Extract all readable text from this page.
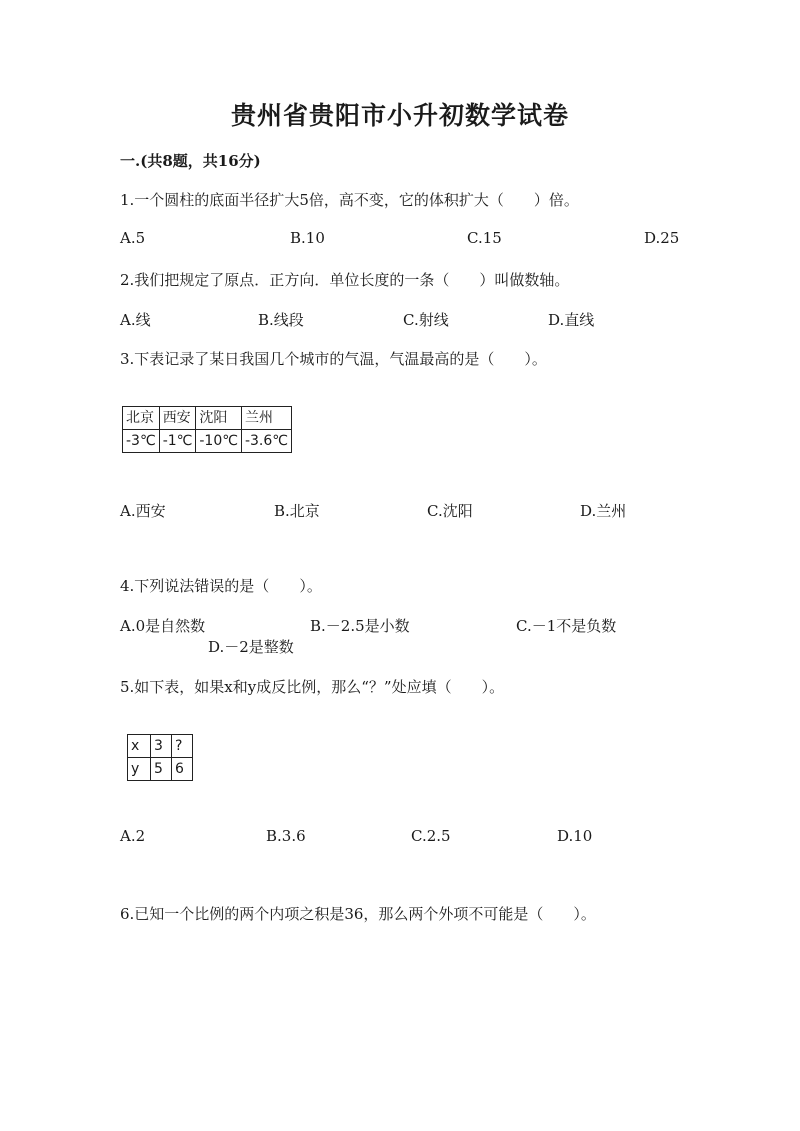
贵州省贵阳市小升初数学试卷
一.(共8题，共16分)
1.一个圆柱的底面半径扩大5倍，高不变，它的体积扩大（　　）倍。
A.5	B.10	C.15	D.25
2.我们把规定了原点．正方向．单位长度的一条（　　）叫做数轴。
A.线	B.线段	C.射线	D.直线
3.下表记录了某日我国几个城市的气温，气温最高的是（　　）。
北京	西安	沈阳	兰州
-3℃	-1℃	-10℃	-3.6℃
A.西安	B.北京	C.沈阳	D.兰州
4.下列说法错误的是（　　）。
A.0是自然数	B.－2.5是小数	C.－1不是负数
D.－2是整数
5.如下表，如果x和y成反比例，那么“？”处应填（　　）。
x	3	?
y	5	6
A.2	B.3.6	C.2.5	D.10
6.已知一个比例的两个内项之积是36，那么两个外项不可能是（　　）。
